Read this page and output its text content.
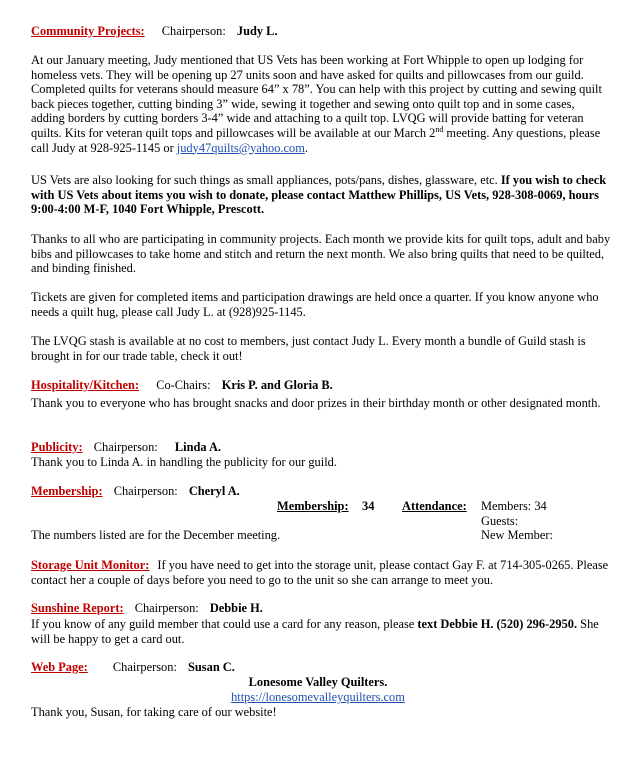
Community Projects: Chairperson: Judy L.

At our January meeting, Judy mentioned that US Vets has been working at Fort Whipple to open up lodging for homeless vets. They will be opening up 27 units soon and have asked for quilts and pillowcases from our guild. Completed quilts for veterans should measure 64” x 78”. You can help with this project by cutting and sewing quilt back pieces together, cutting binding 3” wide, sewing it together and sewing onto quilt top and in some cases, adding borders by cutting borders 3-4” wide and attaching to a quilt top. LVQG will provide batting for veteran quilts. Kits for veteran quilt tops and pillowcases will be available at our March 2nd meeting. Any questions, please call Judy at 928-925-1145 or judy47quilts@yahoo.com.

US Vets are also looking for such things as small appliances, pots/pans, dishes, glassware, etc. If you wish to check with US Vets about items you wish to donate, please contact Matthew Phillips, US Vets, 928-308-0069, hours 9:00-4:00 M-F, 1040 Fort Whipple, Prescott.

Thanks to all who are participating in community projects. Each month we provide kits for quilt tops, adult and baby bibs and pillowcases to take home and stitch and return the next month. We also bring quilts that need to be quilted, and binding finished.

Tickets are given for completed items and participation drawings are held once a quarter. If you know anyone who needs a quilt hug, please call Judy L. at (928)925-1145.

The LVQG stash is available at no cost to members, just contact Judy L. Every month a bundle of Guild stash is brought in for our trade table, check it out!

Hospitality/Kitchen: Co-Chairs: Kris P. and Gloria B.

Thank you to everyone who has brought snacks and door prizes in their birthday month or other designated month.

Publicity: Chairperson: Linda A.

Thank you to Linda A. in handling the publicity for our guild.

Membership: Chairperson: Cheryl A.
Membership: 34 Attendance: Members: 34
Guests:
The numbers listed are for the December meeting.	New Member:

Storage Unit Monitor: If you have need to get into the storage unit, please contact Gay F. at 714-305-0265. Please contact her a couple of days before you need to go to the unit so she can arrange to meet you.

Sunshine Report: Chairperson: Debbie H.

If you know of any guild member that could use a card for any reason, please text Debbie H. (520) 296-2950. She will be happy to get a card out.

Web Page: Chairperson: Susan C.
Lonesome Valley Quilters.
https://lonesomevalleyquilters.com
Thank you, Susan, for taking care of our website!
